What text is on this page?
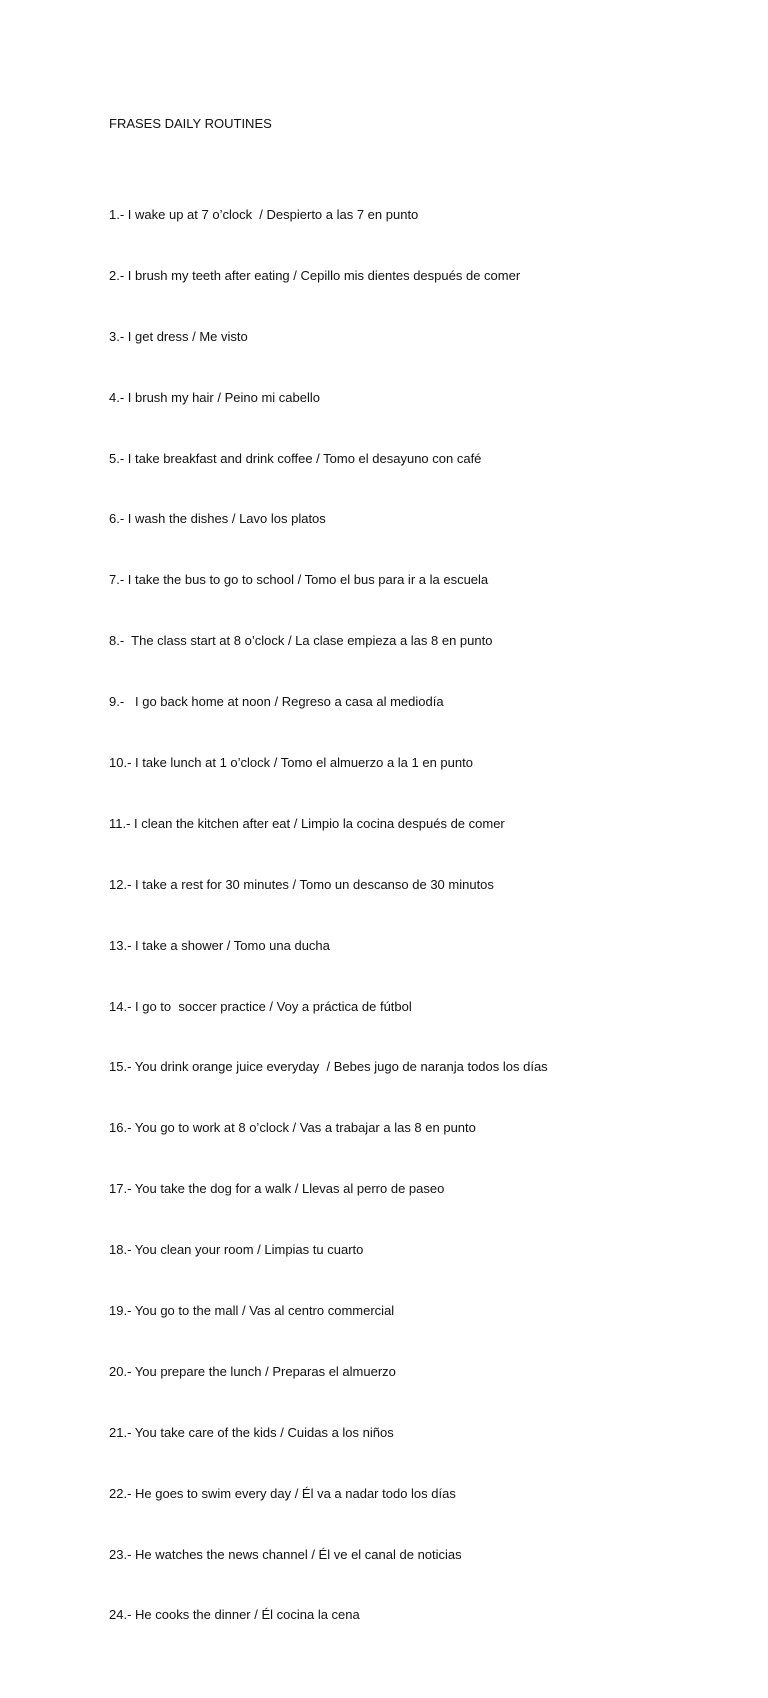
FRASES DAILY ROUTINES

1.- I wake up at 7 o’clock  / Despierto a las 7 en punto

2.- I brush my teeth after eating / Cepillo mis dientes después de comer

3.- I get dress / Me visto

4.- I brush my hair / Peino mi cabello

5.- I take breakfast and drink coffee / Tomo el desayuno con café

6.- I wash the dishes / Lavo los platos

7.- I take the bus to go to school / Tomo el bus para ir a la escuela

8.-  The class start at 8 o’clock / La clase empieza a las 8 en punto

9.-   I go back home at noon / Regreso a casa al mediodía

10.- I take lunch at 1 o’clock / Tomo el almuerzo a la 1 en punto

11.- I clean the kitchen after eat / Limpio la cocina después de comer

12.- I take a rest for 30 minutes / Tomo un descanso de 30 minutos

13.- I take a shower / Tomo una ducha

14.- I go to  soccer practice / Voy a práctica de fútbol

15.- You drink orange juice everyday  / Bebes jugo de naranja todos los días

16.- You go to work at 8 o’clock / Vas a trabajar a las 8 en punto

17.- You take the dog for a walk / Llevas al perro de paseo

18.- You clean your room / Limpias tu cuarto

19.- You go to the mall / Vas al centro commercial

20.- You prepare the lunch / Preparas el almuerzo

21.- You take care of the kids / Cuidas a los niños

22.- He goes to swim every day / Él va a nadar todo los días

23.- He watches the news channel / Él ve el canal de noticias

24.- He cooks the dinner / Él cocina la cena
